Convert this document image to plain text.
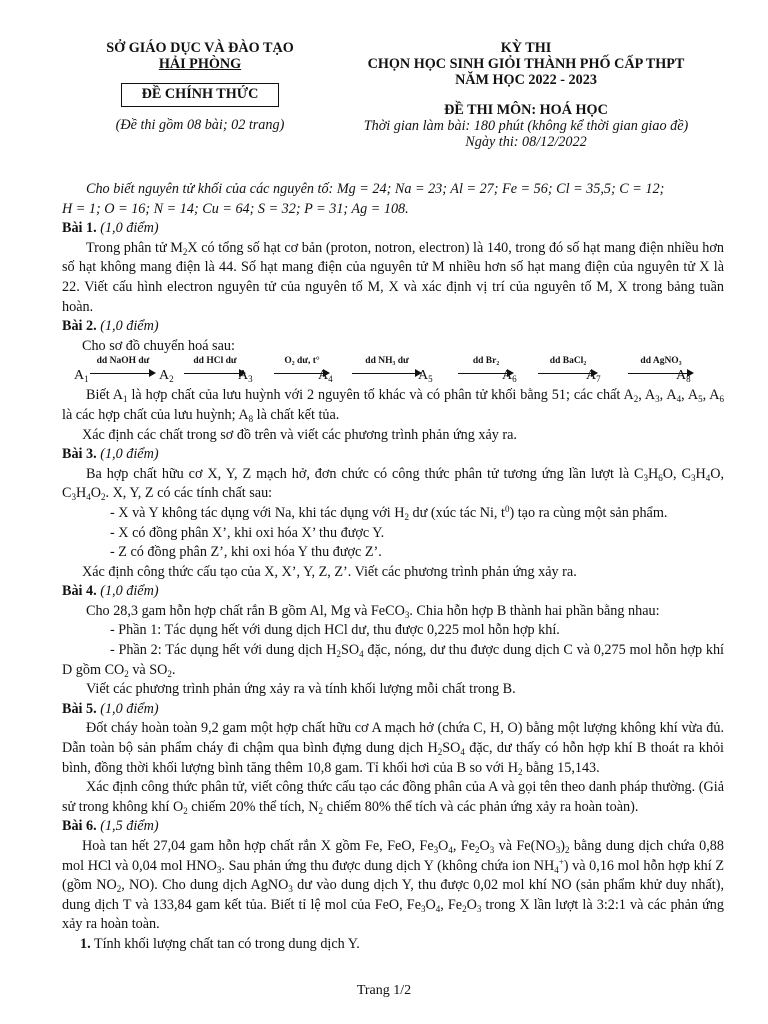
SỞ GIÁO DỤC VÀ ĐÀO TẠO
HẢI PHÒNG
ĐỀ CHÍNH THỨC
(Đề thi gồm 08 bài; 02 trang)
KỲ THI
CHỌN HỌC SINH GIỎI THÀNH PHỐ CẤP THPT
NĂM HỌC 2022 - 2023
ĐỀ THI MÔN: HOÁ HỌC
Thời gian làm bài: 180 phút (không kể thời gian giao đề)
Ngày thi: 08/12/2022

Cho biết nguyên tử khối của các nguyên tố: Mg = 24; Na = 23; Al = 27; Fe = 56; Cl = 35,5; C = 12;

H = 1; O = 16; N = 14; Cu = 64; S = 32; P = 31; Ag = 108.

Bài 1. (1,0 điểm)

Trong phân tử $M_2X$ có tổng số hạt cơ bản (proton, notron, electron) là 140, trong đó số hạt mang điện nhiều hơn số hạt không mang điện là 44. Số hạt mang điện của nguyên tử M nhiều hơn số hạt mang điện của nguyên tử X là 22. Viết cấu hình electron nguyên tử của nguyên tố M, X và xác định vị trí của nguyên tố M, X trong bảng tuần hoàn.

Bài 2. (1,0 điểm)

Cho sơ đồ chuyển hoá sau:

$A_1$
dd NaOH dư
$A_2$
dd HCl dư
$A_3$
O₂ dư, t°
$A_4$
dd NH₃ dư
$A_5$
dd Br₂
$A_6$
dd BaCl₂
$A_7$
dd AgNO₃
$A_8$

Biết $A_1$ là hợp chất của lưu huỳnh với 2 nguyên tố khác và có phân tử khối bằng 51; các chất $A_2$, $A_3$, $A_4$, $A_5$, $A_6$ là các hợp chất của lưu huỳnh; $A_8$ là chất kết tủa.

Xác định các chất trong sơ đồ trên và viết các phương trình phản ứng xảy ra.

Bài 3. (1,0 điểm)

Ba hợp chất hữu cơ X, Y, Z mạch hở, đơn chức có công thức phân tử tương ứng lần lượt là $C_3H_6O$, $C_3H_4O$, $C_3H_4O_2$. X, Y, Z có các tính chất sau:

- X và Y không tác dụng với Na, khi tác dụng với $H_2$ dư (xúc tác Ni, $t^0$) tạo ra cùng một sản phẩm.

- X có đồng phân X’, khi oxi hóa X’ thu được Y.

- Z có đồng phân Z’, khi oxi hóa Y thu được Z’.

Xác định công thức cấu tạo của X, X’, Y, Z, Z’. Viết các phương trình phản ứng xảy ra.

Bài 4. (1,0 điểm)

Cho 28,3 gam hỗn hợp chất rắn B gồm Al, Mg và FeCO$_3$. Chia hỗn hợp B thành hai phần bằng nhau:

- Phần 1: Tác dụng hết với dung dịch HCl dư, thu được 0,225 mol hỗn hợp khí.

- Phần 2: Tác dụng hết với dung dịch $H_2SO_4$ đặc, nóng, dư thu được dung dịch C và 0,275 mol hỗn hợp khí D gồm $CO_2$ và $SO_2$.

Viết các phương trình phản ứng xảy ra và tính khối lượng mỗi chất trong B.

Bài 5. (1,0 điểm)

Đốt cháy hoàn toàn 9,2 gam một hợp chất hữu cơ A mạch hở (chứa C, H, O) bằng một lượng không khí vừa đủ. Dẫn toàn bộ sản phẩm cháy đi chậm qua bình đựng dung dịch $H_2SO_4$ đặc, dư thấy có hỗn hợp khí B thoát ra khỏi bình, đồng thời khối lượng bình tăng thêm 10,8 gam. Tỉ khối hơi của B so với $H_2$ bằng 15,143.

Xác định công thức phân tử, viết công thức cấu tạo các đồng phân của A và gọi tên theo danh pháp thường. (Giả sử trong không khí $O_2$ chiếm 20% thể tích, $N_2$ chiếm 80% thể tích và các phản ứng xảy ra hoàn toàn).

Bài 6. (1,5 điểm)

Hoà tan hết 27,04 gam hỗn hợp chất rắn X gồm Fe, FeO, $Fe_3O_4$, $Fe_2O_3$ và $Fe(NO_3)_2$ bằng dung dịch chứa 0,88 mol HCl và 0,04 mol $HNO_3$. Sau phản ứng thu được dung dịch Y (không chứa ion $NH_4^+$) và 0,16 mol hỗn hợp khí Z (gồm $NO_2$, NO). Cho dung dịch AgNO$_3$ dư vào dung dịch Y, thu được 0,02 mol khí NO (sản phẩm khử duy nhất), dung dịch T và 133,84 gam kết tủa. Biết tỉ lệ mol của FeO, $Fe_3O_4$, $Fe_2O_3$ trong X lần lượt là 3:2:1 và các phản ứng xảy ra hoàn toàn.

1. Tính khối lượng chất tan có trong dung dịch Y.

Trang 1/2
